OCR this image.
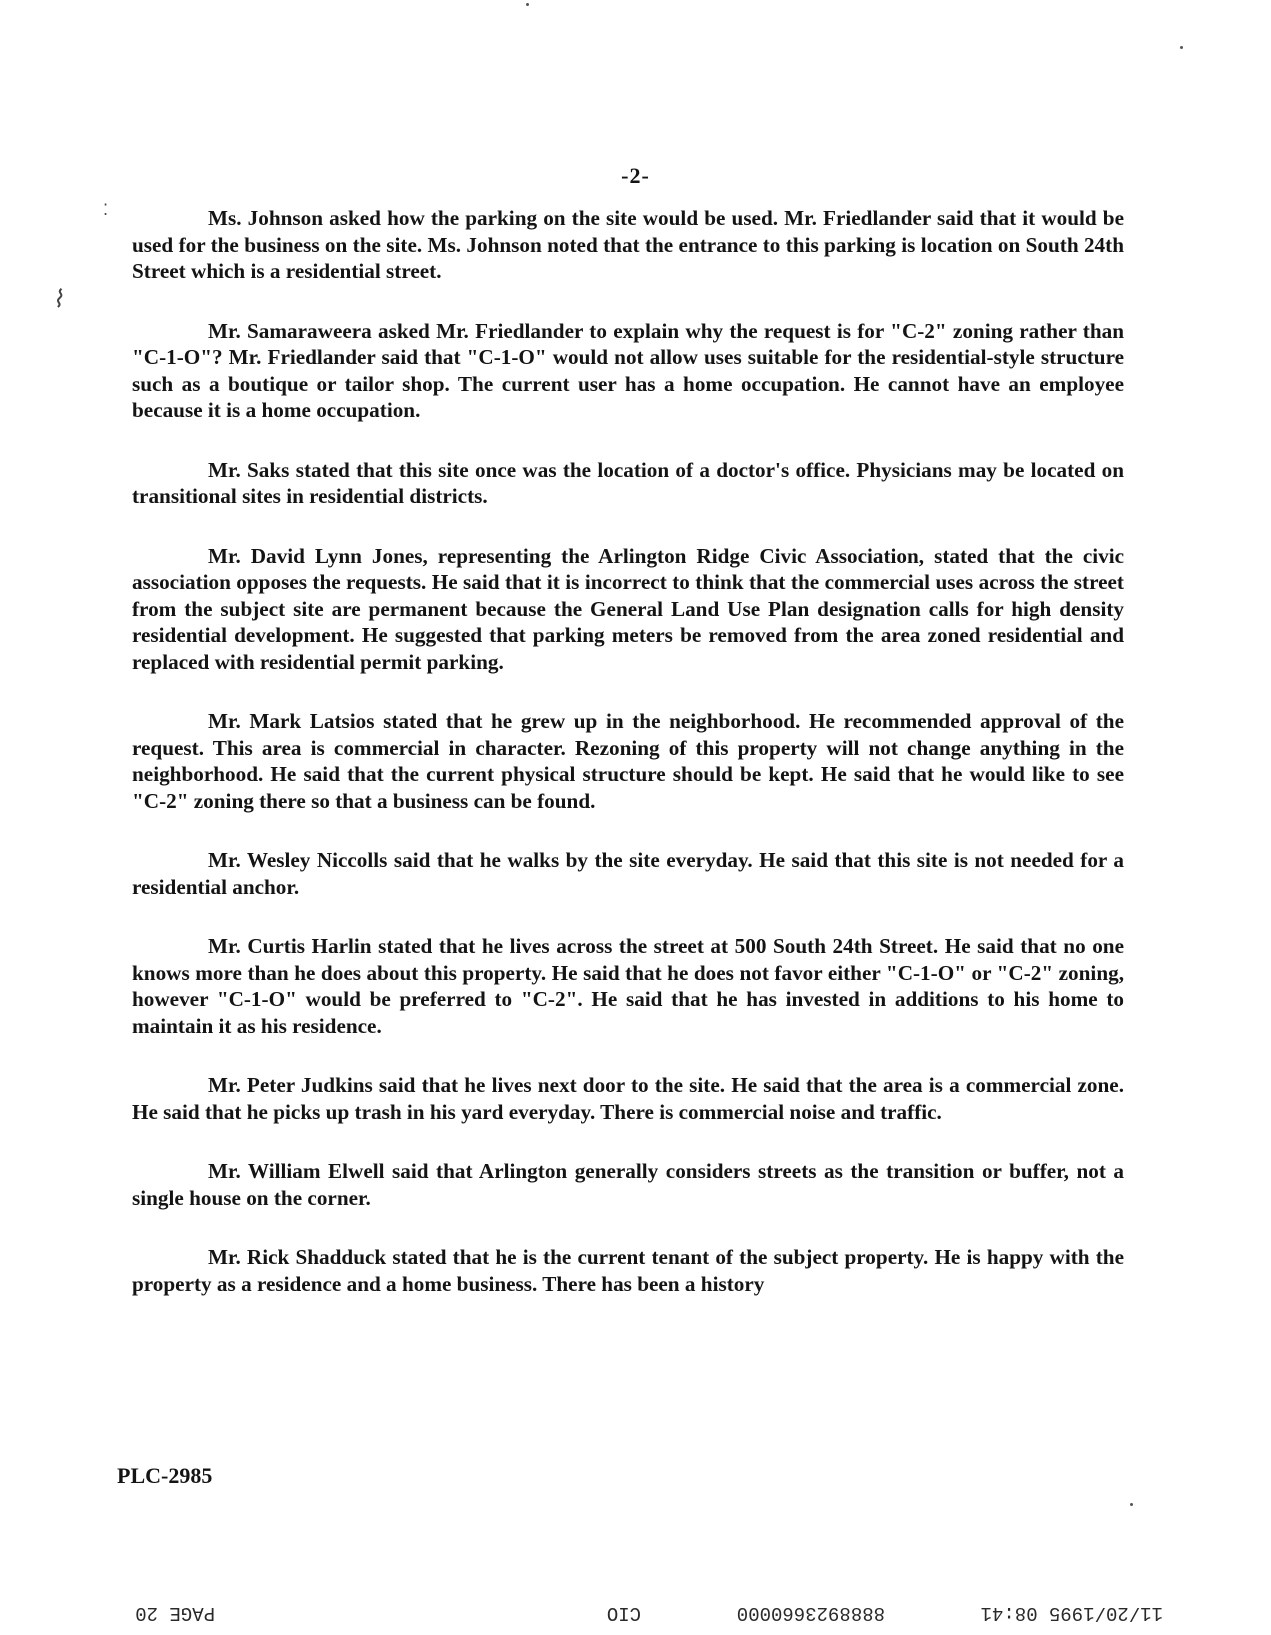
⁚
⌇
-2-

Ms. Johnson asked how the parking on the site would be used. Mr. Friedlander said that it would be used for the business on the site. Ms. Johnson noted that the entrance to this parking is location on South 24th Street which is a residential street.

Mr. Samaraweera asked Mr. Friedlander to explain why the request is for "C-2" zoning rather than "C-1-O"? Mr. Friedlander said that "C-1-O" would not allow uses suitable for the residential-style structure such as a boutique or tailor shop. The current user has a home occupation. He cannot have an employee because it is a home occupation.

Mr. Saks stated that this site once was the location of a doctor's office. Physicians may be located on transitional sites in residential districts.

Mr. David Lynn Jones, representing the Arlington Ridge Civic Association, stated that the civic association opposes the requests. He said that it is incorrect to think that the commercial uses across the street from the subject site are permanent because the General Land Use Plan designation calls for high density residential development. He suggested that parking meters be removed from the area zoned residential and replaced with residential permit parking.

Mr. Mark Latsios stated that he grew up in the neighborhood. He recommended approval of the request. This area is commercial in character. Rezoning of this property will not change anything in the neighborhood. He said that the current physical structure should be kept. He said that he would like to see "C-2" zoning there so that a business can be found.

Mr. Wesley Niccolls said that he walks by the site everyday. He said that this site is not needed for a residential anchor.

Mr. Curtis Harlin stated that he lives across the street at 500 South 24th Street. He said that no one knows more than he does about this property. He said that he does not favor either "C-1-O" or "C-2" zoning, however "C-1-O" would be preferred to "C-2". He said that he has invested in additions to his home to maintain it as his residence.

Mr. Peter Judkins said that he lives next door to the site. He said that the area is a commercial zone. He said that he picks up trash in his yard everyday. There is commercial noise and traffic.

Mr. William Elwell said that Arlington generally considers streets as the transition or buffer, not a single house on the corner.

Mr. Rick Shadduck stated that he is the current tenant of the subject property. He is happy with the property as a residence and a home business. There has been a history

PLC-2985
11/20/1995 08:41
8888923660000
CIO
PAGE 20
